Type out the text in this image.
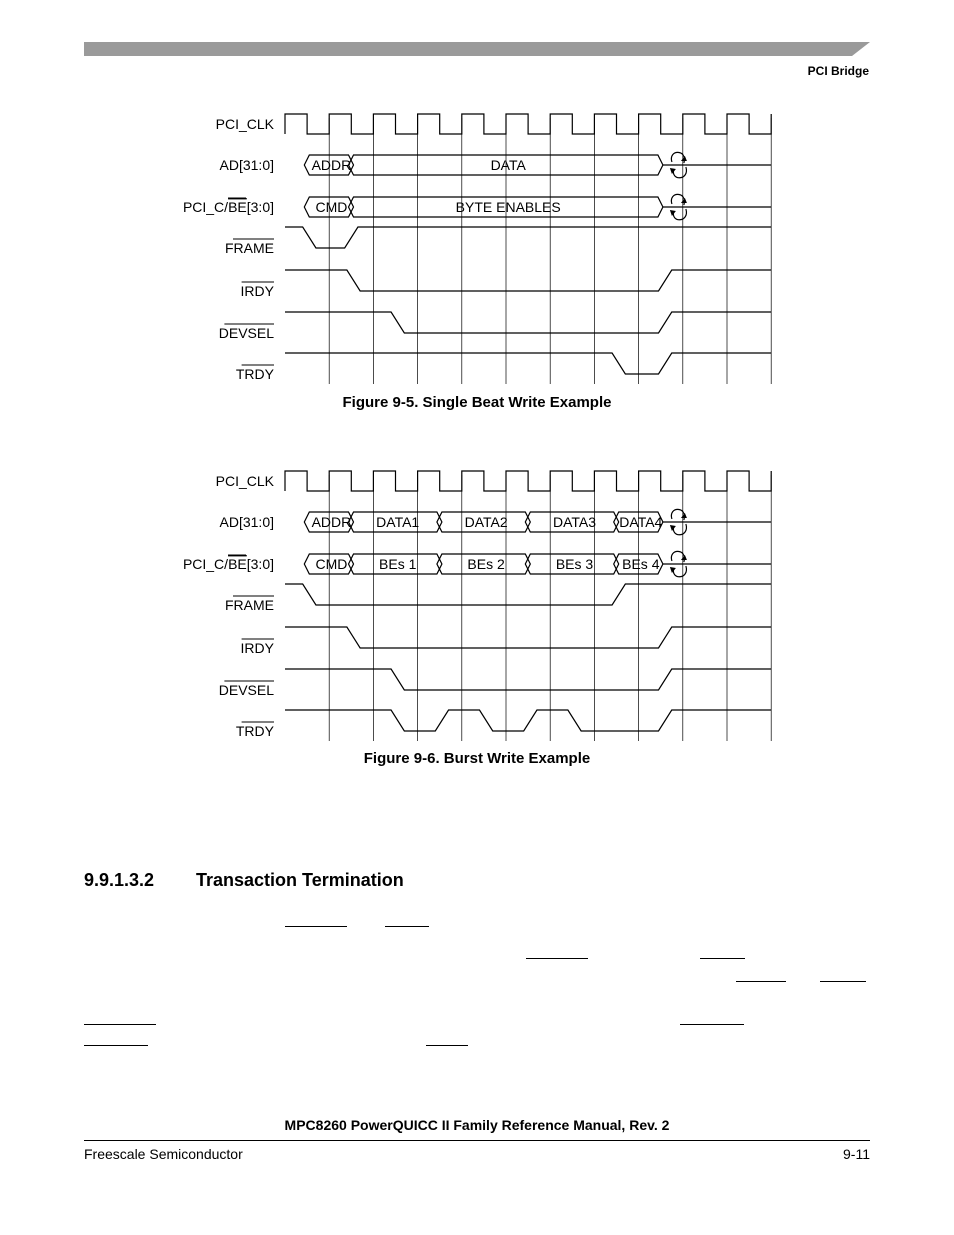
PCI Bridge
PCI_CLK
AD[31:0]
PCI_C/BE[3:0]
FRAME
IRDY
DEVSEL
TRDY
ADDR	DATA
CMD	BYTE ENABLES
Figure 9-5. Single Beat Write Example
PCI_CLK
AD[31:0]
PCI_C/BE[3:0]
FRAME
IRDY
DEVSEL
TRDY
ADDR DATA1	DATA2	DATA3 DATA4
CMD BEs 1	BEs 2	BEs 3 BEs 4
Figure 9-6. Burst Write Example
9.9.1.3.2 Transaction Termination
MPC8260 PowerQUICC II Family Reference Manual, Rev. 2
Freescale Semiconductor	9-11
